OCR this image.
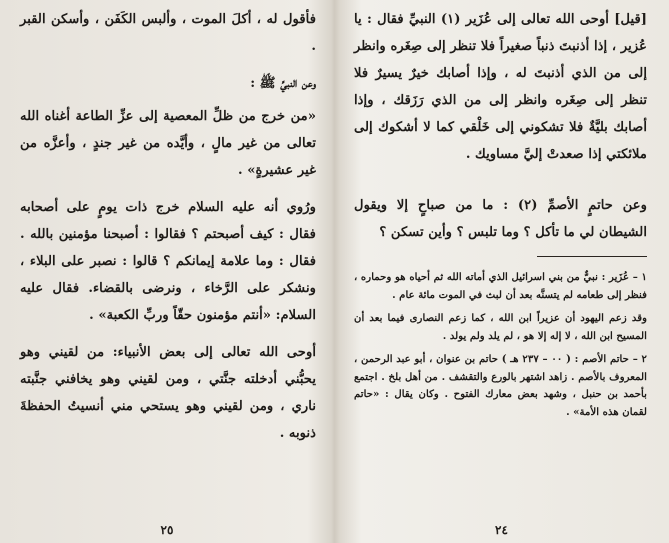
فأقول له ، أكلَ الموت ، وألبس الكَفَن ، وأسكن القبر .

وعن النبيِّ ﷺ :

«من خرج من ظلِّ المعصية إلى عزِّ الطاعة أغناه الله تعالى من غير مالٍ ، وأيَّده من غير جندٍ ، وأعزَّه من غير عشيرةٍ» .

ورُوي أنه عليه السلام خرج ذات يومٍ على أصحابه فقال : كيف أصبحتم ؟ فقالوا : أصبحنا مؤمنين بالله . فقال : وما علامة إيمانكم ؟ قالوا : نصبر على البلاء ، ونشكر على الرَّخاء ، ونرضى بالقضاء. فقال عليه السلام: «أنتم مؤمنون حقّاً وربِّ الكعبة» .

أوحى الله تعالى إلى بعض الأنبياء: من لقيني وهو يحبُّني أدخلته جنَّتي ، ومن لقيني وهو يخافني جنَّبته ناري ، ومن لقيني وهو يستحي مني أنسيتُ الحفظةَ ذنوبه .

٢٥

[قيل] أوحى الله تعالى إلى عُزَير (١) النبيِّ فقال : يا عُزير ، إذا أذنبتَ ذنباً صغيراً فلا تنظر إلى صِغَره وانظر إلى من الذي أذنبتَ له ، وإذا أصابك خيرٌ يسيرٌ فلا تنظر إلى صِغَره وانظر إلى من الذي رَزَقك ، وإذا أصابك بليَّةٌ فلا تشكوني إلى خَلْقي كما لا أشكوك إلى ملائكتي إذا صعدتْ إليَّ مساويك .

وعن حاتمٍ الأصمِّ (٢) : ما من صباحٍ إلا ويقول الشيطان لي ما تأكل ؟ وما تلبس ؟ وأين تسكن ؟

١ – عُزَير : نبيٌّ من بني اسرائيل الذي أماته الله ثم أحياه هو وحماره ، فنظر إلى طعامه لم يتسنَّه بعد أن لبث في الموت مائة عام .

وقد زعم اليهود أن عزيراً ابن الله ، كما زعم النصارى فيما بعد أن المسيح ابن الله ، لا إله إلا هو ، لم يلد ولم يولد .

٢ – حاتم الأصم : ( ٠٠ – ٢٣٧ هـ ) حاتم بن عنوان ، أبو عبد الرحمن ، المعروف بالأصم . زاهد اشتهر بالورع والتقشف . من أهل بلخ . اجتمع بأحمد بن حنبل ، وشهد بعض معارك الفتوح . وكان يقال : «حاتم لقمان هذه الأمة» .

٢٤
